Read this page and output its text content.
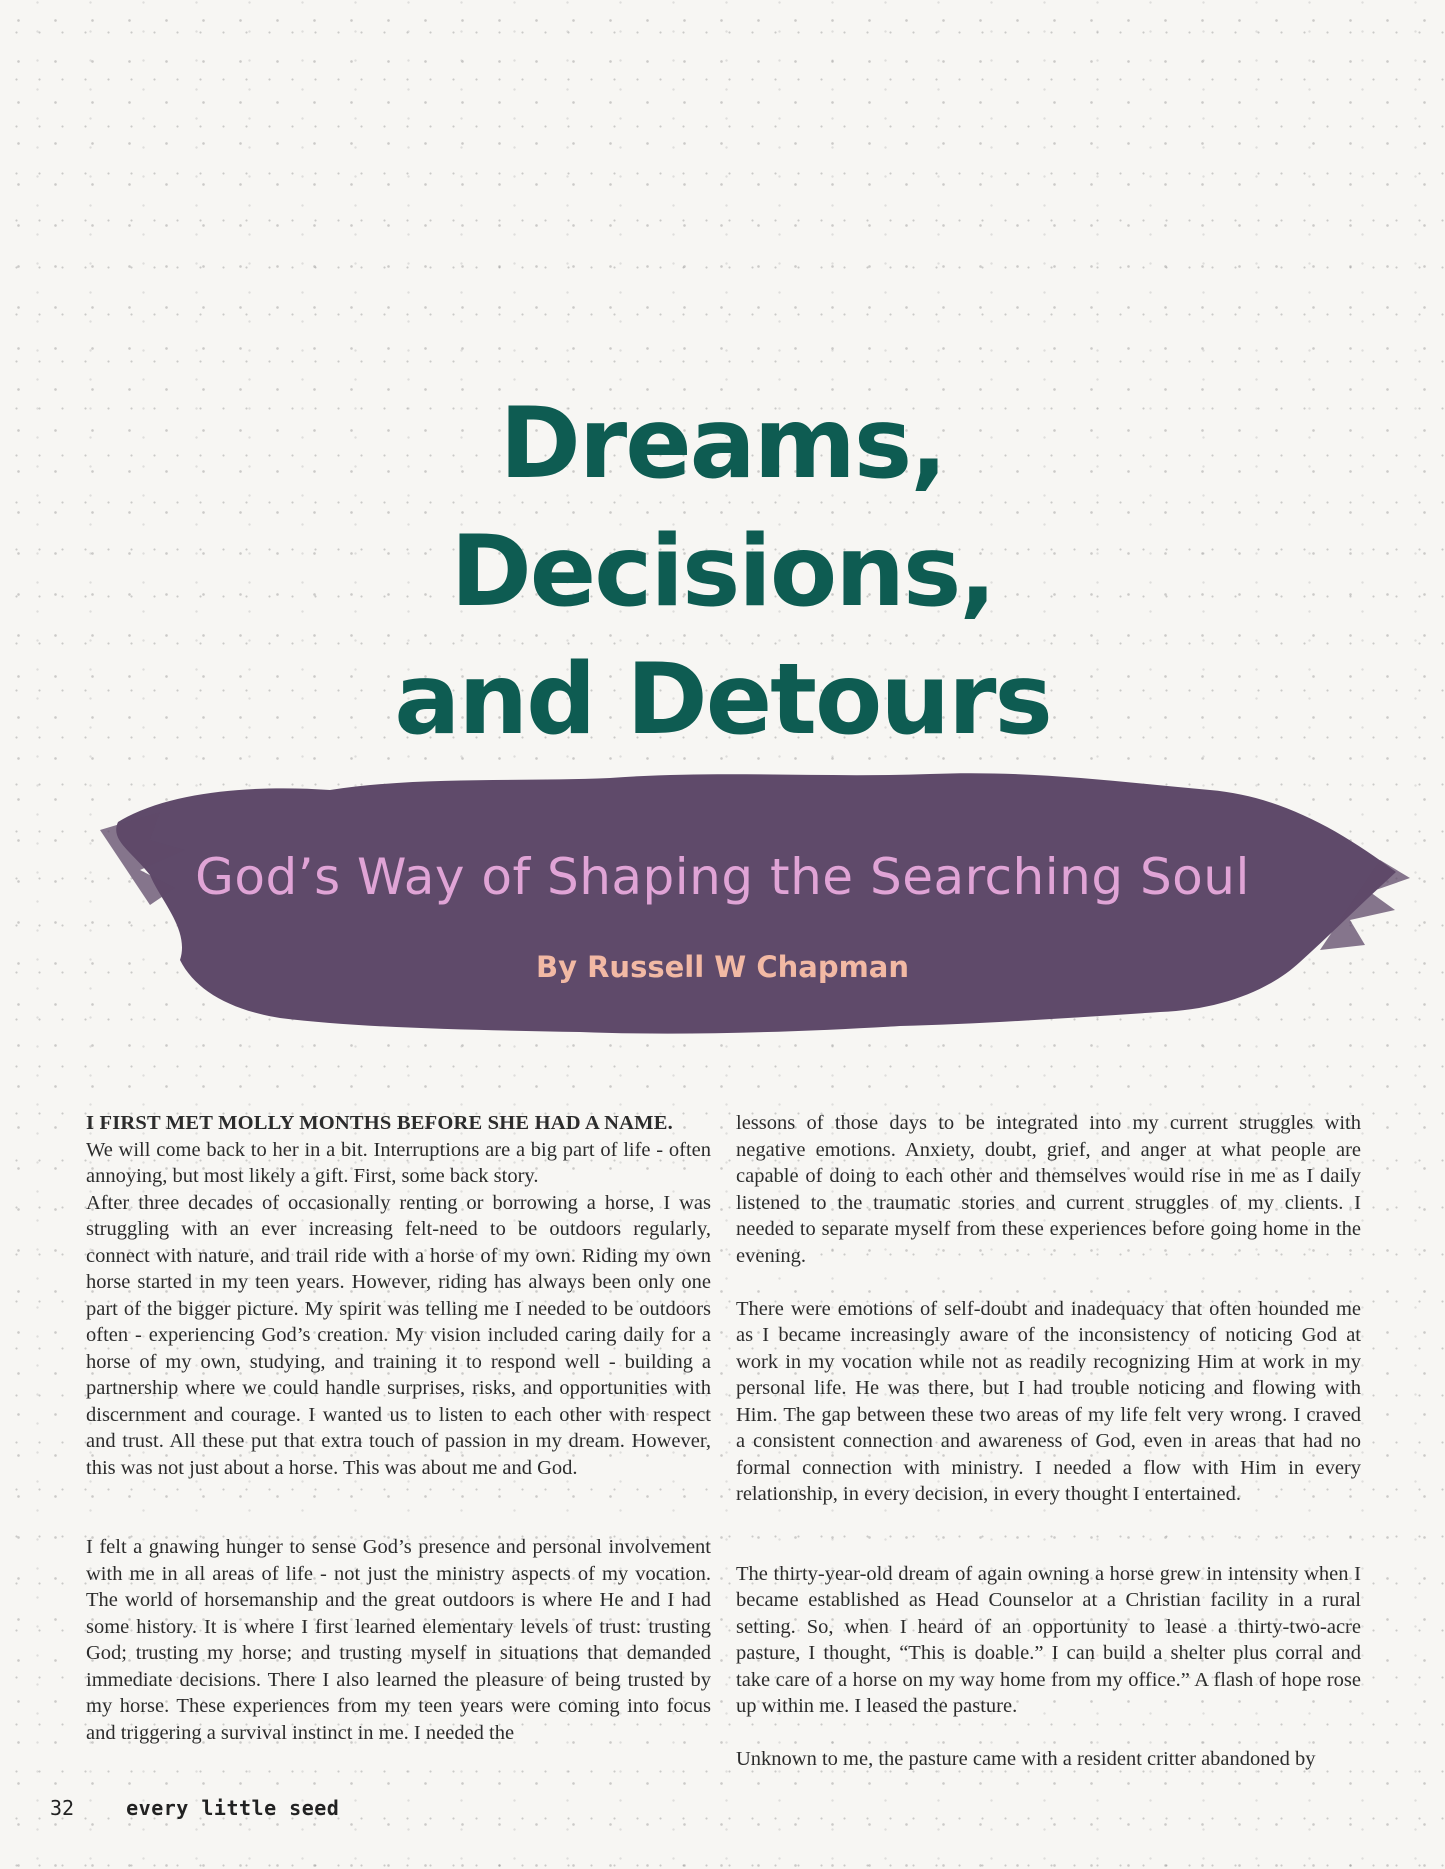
Dreams,
Decisions,
and Detours
God’s Way of Shaping the Searching Soul
By Russell W Chapman

I FIRST MET MOLLY MONTHS BEFORE SHE HAD A NAME.

We will come back to her in a bit. Interruptions are a big part of life - often annoying, but most likely a gift. First, some back story.

After three decades of occasionally renting or borrowing a horse, I was struggling with an ever increasing felt-need to be outdoors regularly, connect with nature, and trail ride with a horse of my own. Riding my own horse started in my teen years. However, riding has always been only one part of the bigger picture. My spirit was telling me I needed to be outdoors often - experiencing God’s creation. My vision included caring daily for a horse of my own, studying, and training it to respond well - building a partnership where we could handle surprises, risks, and opportunities with discernment and courage. I wanted us to listen to each other with respect and trust. All these put that extra touch of passion in my dream. However, this was not just about a horse. This was about me and God.

I felt a gnawing hunger to sense God’s presence and personal involvement with me in all areas of life - not just the ministry aspects of my vocation. The world of horsemanship and the great outdoors is where He and I had some history. It is where I first learned elementary levels of trust: trusting God; trusting my horse; and trusting myself in situations that demanded immediate decisions. There I also learned the pleasure of being trusted by my horse. These experiences from my teen years were coming into focus and triggering a survival instinct in me. I needed the

lessons of those days to be integrated into my current struggles with negative emotions. Anxiety, doubt, grief, and anger at what people are capable of doing to each other and themselves would rise in me as I daily listened to the traumatic stories and current struggles of my clients. I needed to separate myself from these experiences before going home in the evening.

There were emotions of self-doubt and inadequacy that often hounded me as I became increasingly aware of the inconsistency of noticing God at work in my vocation while not as readily recognizing Him at work in my personal life. He was there, but I had trouble noticing and flowing with Him. The gap between these two areas of my life felt very wrong. I craved a consistent connection and awareness of God, even in areas that had no formal connection with ministry. I needed a flow with Him in every relationship, in every decision, in every thought I entertained.

The thirty-year-old dream of again owning a horse grew in intensity when I became established as Head Counselor at a Christian facility in a rural setting. So, when I heard of an opportunity to lease a thirty-two-acre pasture, I thought, “This is doable.” I can build a shelter plus corral and take care of a horse on my way home from my office.” A flash of hope rose up within me. I leased the pasture.

Unknown to me, the pasture came with a resident critter abandoned by

32	every little seed
